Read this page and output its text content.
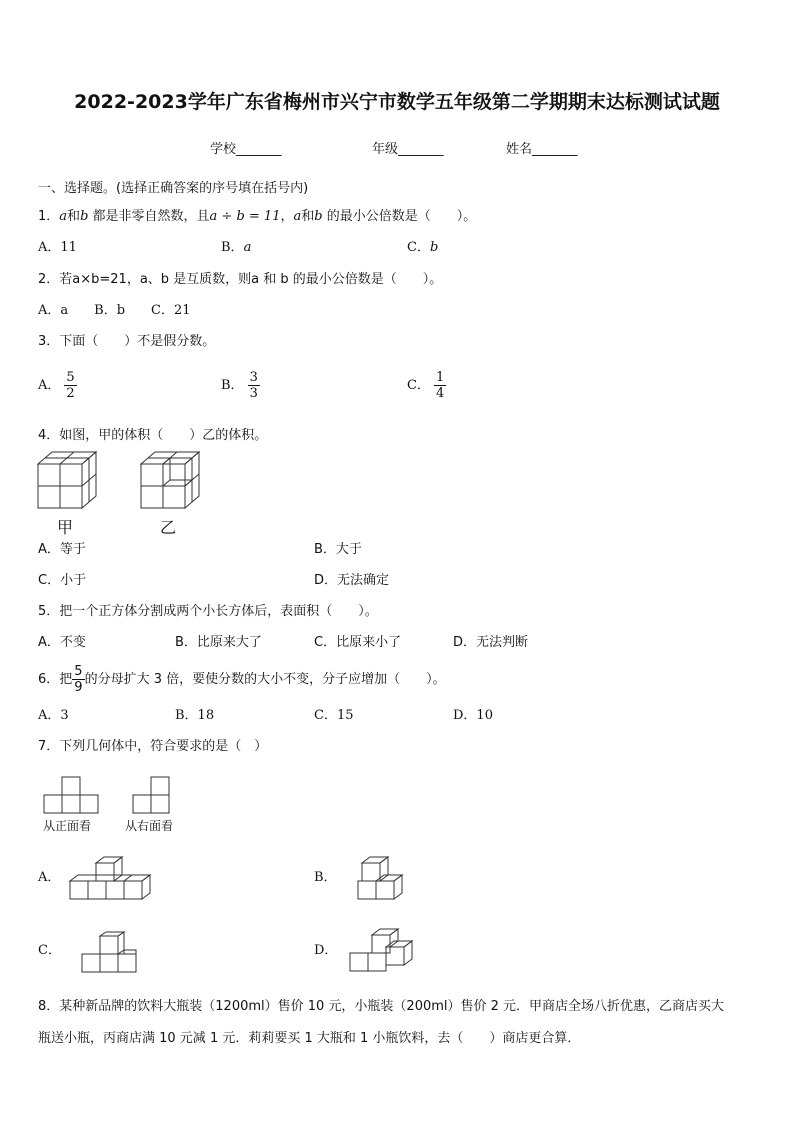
2022-2023学年广东省梅州市兴宁市数学五年级第二学期期末达标测试试题
学校_______	年级_______	姓名_______
一、选择题。(选择正确答案的序号填在括号内)
1．a和b 都是非零自然数，且a ÷ b = 11，a和b 的最小公倍数是（　　）。
A．11	B．a	C．b
2．若a×b=21，a、b 是互质数，则a 和 b 的最小公倍数是（　　）。
A．a　　B．b　　C．21
3．下面（　　）不是假分数。
A． $\frac{5}{2}$	B． $\frac{3}{3}$	C． $\frac{1}{4}$
4．如图，甲的体积（　　）乙的体积。
甲	乙
A．等于	B．大于
C．小于	D．无法确定
5．把一个正方体分割成两个小长方体后，表面积（　　）。
A．不变	B．比原来大了	C．比原来小了	D．无法判断
6．把 $\frac{5}{9}$ 的分母扩大 3 倍，要使分数的大小不变，分子应增加（　　）。
A．3	B．18	C．15	D．10
7．下列几何体中，符合要求的是（　）
从正面看	从右面看
A．	B．
C．	D．
8．某种新品牌的饮料大瓶装（1200ml）售价 10 元，小瓶装（200ml）售价 2 元．甲商店全场八折优惠，乙商店买大
瓶送小瓶，丙商店满 10 元减 1 元．莉莉要买 1 大瓶和 1 小瓶饮料，去（　　）商店更合算．
